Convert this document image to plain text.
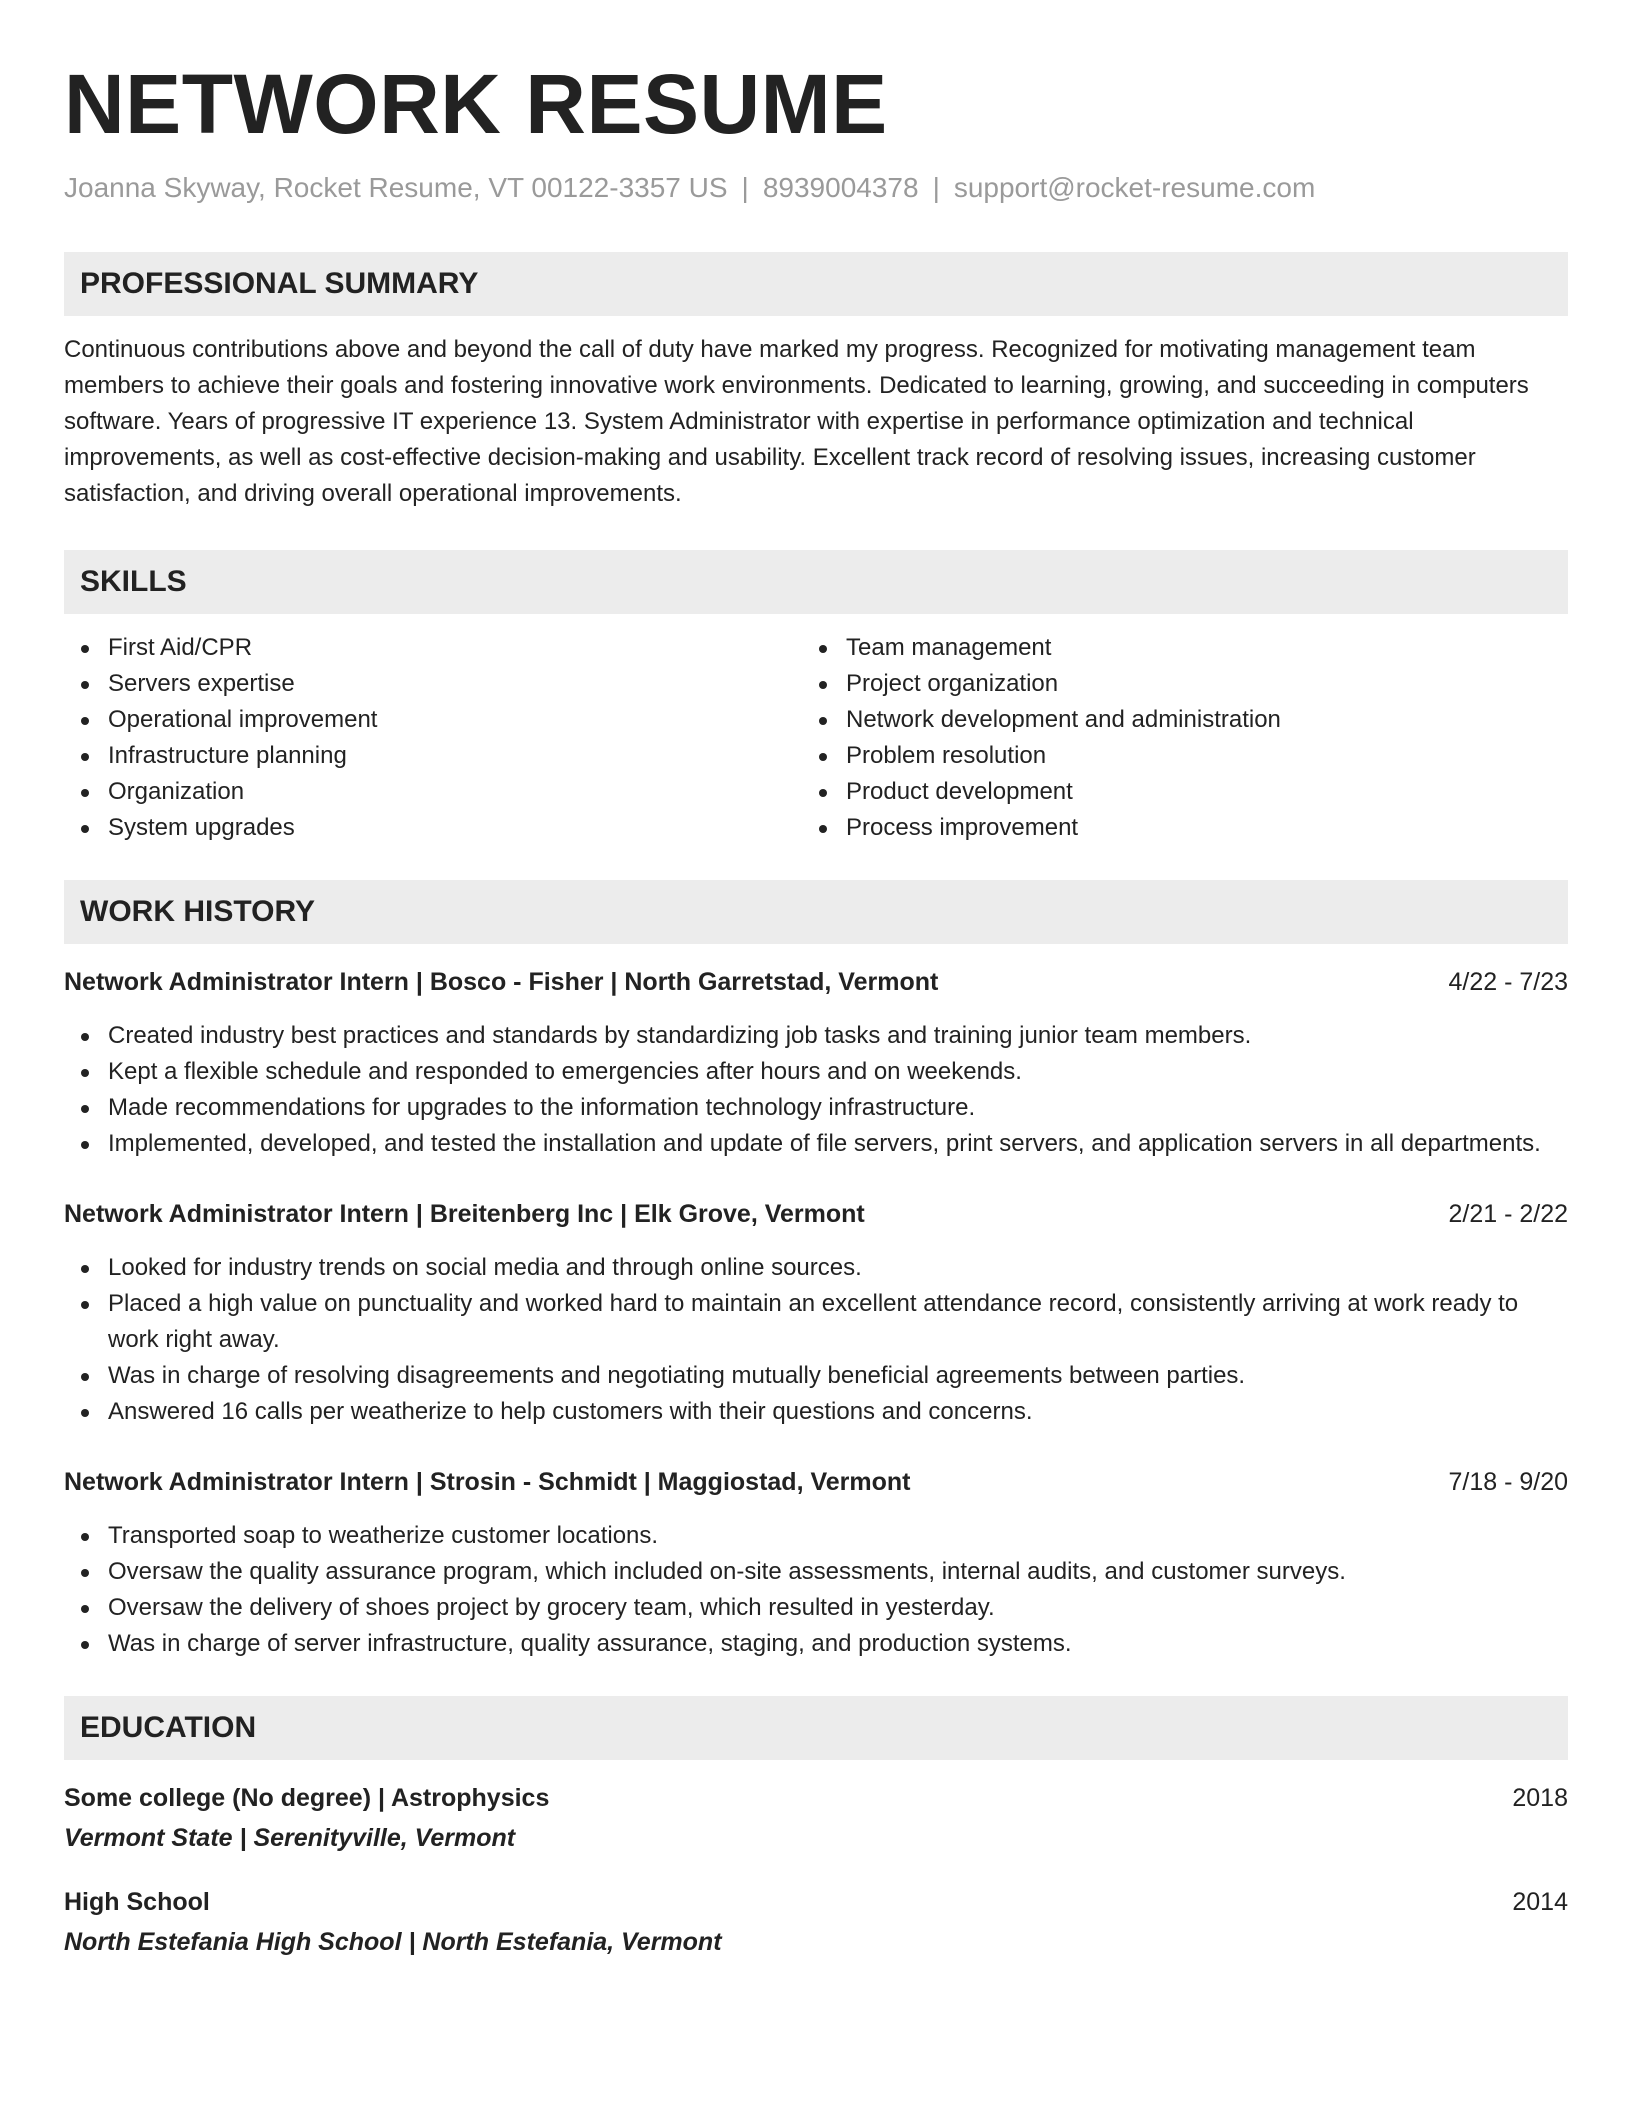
NETWORK RESUME
Joanna Skyway, Rocket Resume, VT 00122-3357 US | 8939004378 | support@rocket-resume.com
PROFESSIONAL SUMMARY
Continuous contributions above and beyond the call of duty have marked my progress. Recognized for motivating management team members to achieve their goals and fostering innovative work environments. Dedicated to learning, growing, and succeeding in computers software. Years of progressive IT experience 13. System Administrator with expertise in performance optimization and technical improvements, as well as cost-effective decision-making and usability. Excellent track record of resolving issues, increasing customer satisfaction, and driving overall operational improvements.
SKILLS
First Aid/CPR
Servers expertise
Operational improvement
Infrastructure planning
Organization
System upgrades
Team management
Project organization
Network development and administration
Problem resolution
Product development
Process improvement
WORK HISTORY
Network Administrator Intern | Bosco - Fisher | North Garretstad, Vermont	4/22 - 7/23
Created industry best practices and standards by standardizing job tasks and training junior team members.
Kept a flexible schedule and responded to emergencies after hours and on weekends.
Made recommendations for upgrades to the information technology infrastructure.
Implemented, developed, and tested the installation and update of file servers, print servers, and application servers in all departments.
Network Administrator Intern | Breitenberg Inc | Elk Grove, Vermont	2/21 - 2/22
Looked for industry trends on social media and through online sources.
Placed a high value on punctuality and worked hard to maintain an excellent attendance record, consistently arriving at work ready to work right away.
Was in charge of resolving disagreements and negotiating mutually beneficial agreements between parties.
Answered 16 calls per weatherize to help customers with their questions and concerns.
Network Administrator Intern | Strosin - Schmidt | Maggiostad, Vermont	7/18 - 9/20
Transported soap to weatherize customer locations.
Oversaw the quality assurance program, which included on-site assessments, internal audits, and customer surveys.
Oversaw the delivery of shoes project by grocery team, which resulted in yesterday.
Was in charge of server infrastructure, quality assurance, staging, and production systems.
EDUCATION
Some college (No degree) | Astrophysics	2018
Vermont State | Serenityville, Vermont
High School	2014
North Estefania High School | North Estefania, Vermont
